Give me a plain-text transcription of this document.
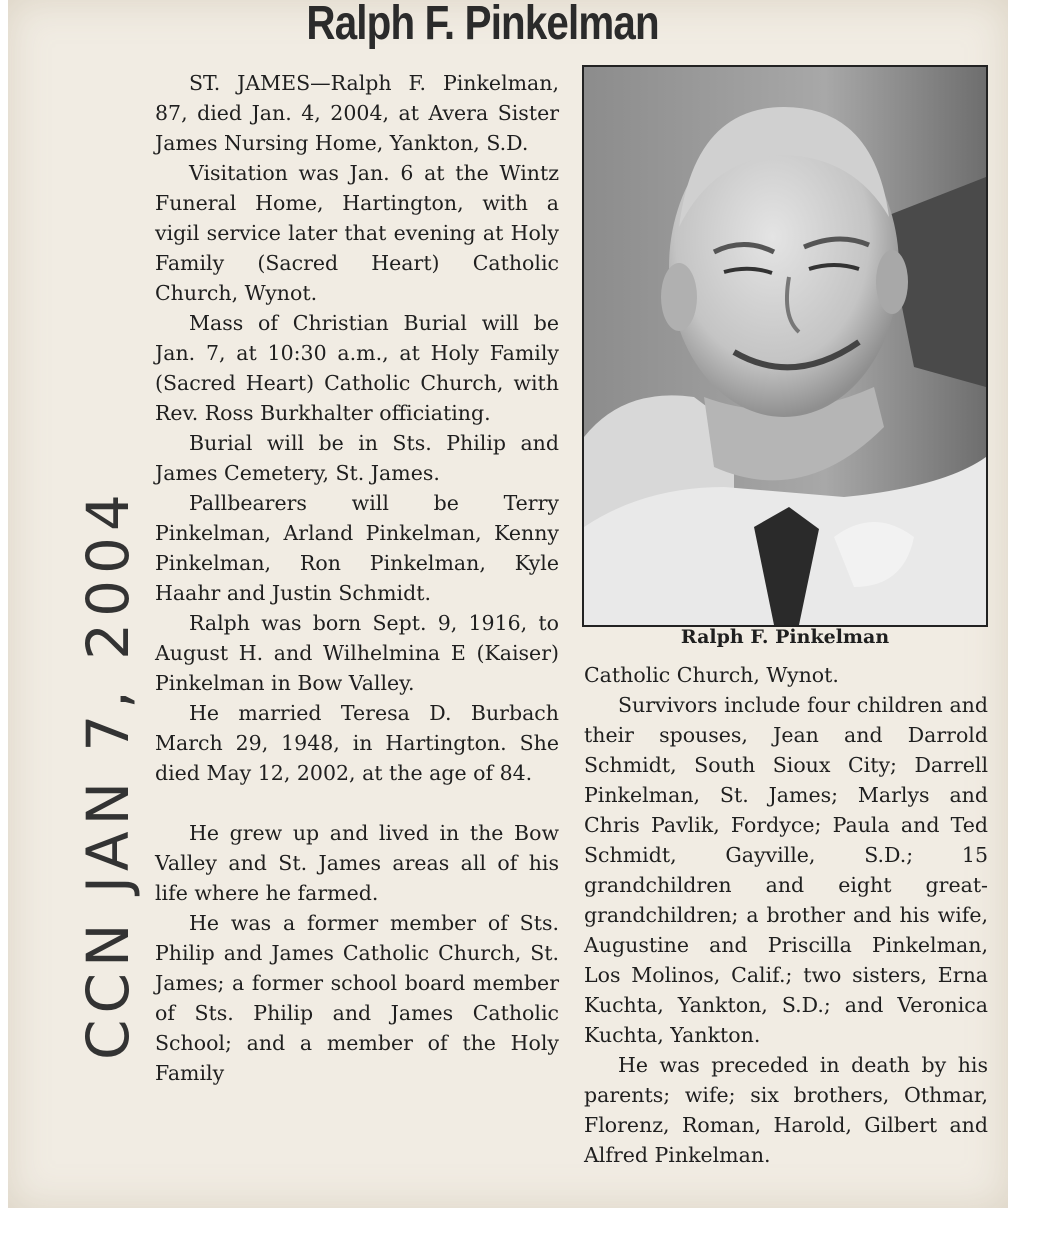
Ralph F. Pinkelman

ST. JAMES—Ralph F. Pinkelman, 87, died Jan. 4, 2004, at Avera Sister James Nursing Home, Yankton, S.D.

Visitation was Jan. 6 at the Wintz Funeral Home, Hartington, with a vigil service later that evening at Holy Family (Sacred Heart) Catholic Church, Wynot.

Mass of Christian Burial will be Jan. 7, at 10:30 a.m., at Holy Family (Sacred Heart) Catholic Church, with Rev. Ross Burkhalter officiating.

Burial will be in Sts. Philip and James Cemetery, St. James.

Pallbearers will be Terry Pinkelman, Arland Pinkelman, Kenny Pinkelman, Ron Pinkelman, Kyle Haahr and Justin Schmidt.

Ralph was born Sept. 9, 1916, to August H. and Wilhelmina E (Kaiser) Pinkelman in Bow Valley.

He married Teresa D. Burbach March 29, 1948, in Hartington. She died May 12, 2002, at the age of 84.

He grew up and lived in the Bow Valley and St. James areas all of his life where he farmed.

He was a former member of Sts. Philip and James Catholic Church, St. James; a former school board member of Sts. Philip and James Catholic School; and a member of the Holy Family

Ralph F. Pinkelman

Catholic Church, Wynot.

Survivors include four children and their spouses, Jean and Darrold Schmidt, South Sioux City; Darrell Pinkelman, St. James; Marlys and Chris Pavlik, Fordyce; Paula and Ted Schmidt, Gayville, S.D.; 15 grandchildren and eight great-grandchildren; a brother and his wife, Augustine and Priscilla Pinkelman, Los Molinos, Calif.; two sisters, Erna Kuchta, Yankton, S.D.; and Veronica Kuchta, Yankton.

He was preceded in death by his parents; wife; six brothers, Othmar, Florenz, Roman, Harold, Gilbert and Alfred Pinkelman.

CCN JAN 7, 2004
